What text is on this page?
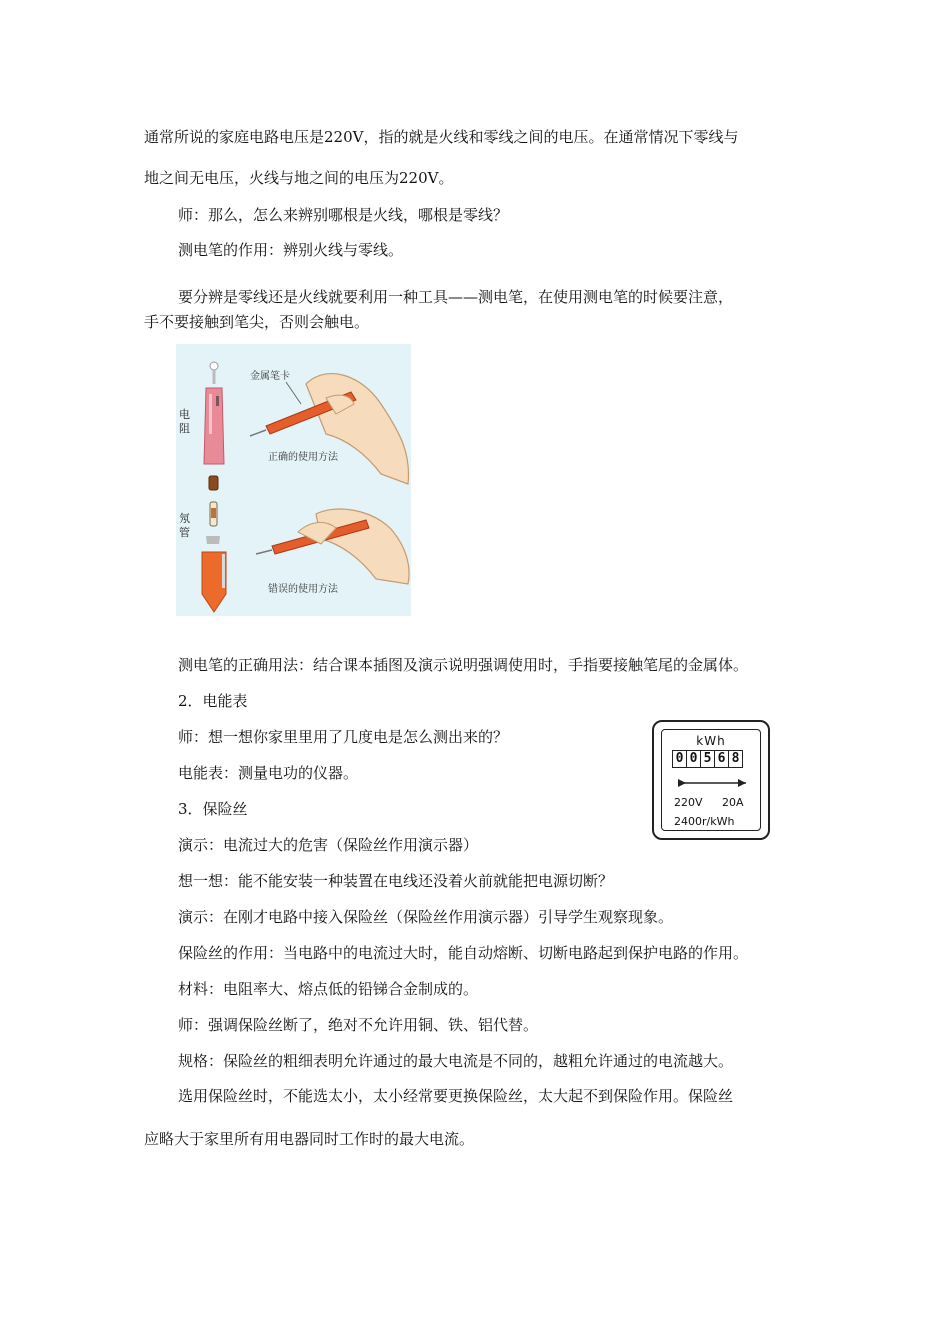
通常所说的家庭电路电压是220V，指的就是火线和零线之间的电压。在通常情况下零线与
地之间无电压，火线与地之间的电压为220V。
师：那么，怎么来辨别哪根是火线，哪根是零线？
测电笔的作用：辨别火线与零线。
要分辨是零线还是火线就要利用一种工具——测电笔，在使用测电笔的时候要注意，
手不要接触到笔尖，否则会触电。
金属笔卡
正确的使用方法
错误的使用方法
电阻
氖管
测电笔的正确用法：结合课本插图及演示说明强调使用时，手指要接触笔尾的金属体。
2．电能表
师：想一想你家里里用了几度电是怎么测出来的？
电能表：测量电功的仪器。
3．保险丝
演示：电流过大的危害（保险丝作用演示器）
想一想：能不能安装一种装置在电线还没着火前就能把电源切断？
演示：在刚才电路中接入保险丝（保险丝作用演示器）引导学生观察现象。
保险丝的作用：当电路中的电流过大时，能自动熔断、切断电路起到保护电路的作用。
材料：电阻率大、熔点低的铅锑合金制成的。
师：强调保险丝断了，绝对不允许用铜、铁、铝代替。
规格：保险丝的粗细表明允许通过的最大电流是不同的，越粗允许通过的电流越大。
选用保险丝时，不能选太小，太小经常要更换保险丝，太大起不到保险作用。保险丝
应略大于家里所有用电器同时工作时的最大电流。
kWh
0 0 5 6 8
220V 20A
2400r/kWh
